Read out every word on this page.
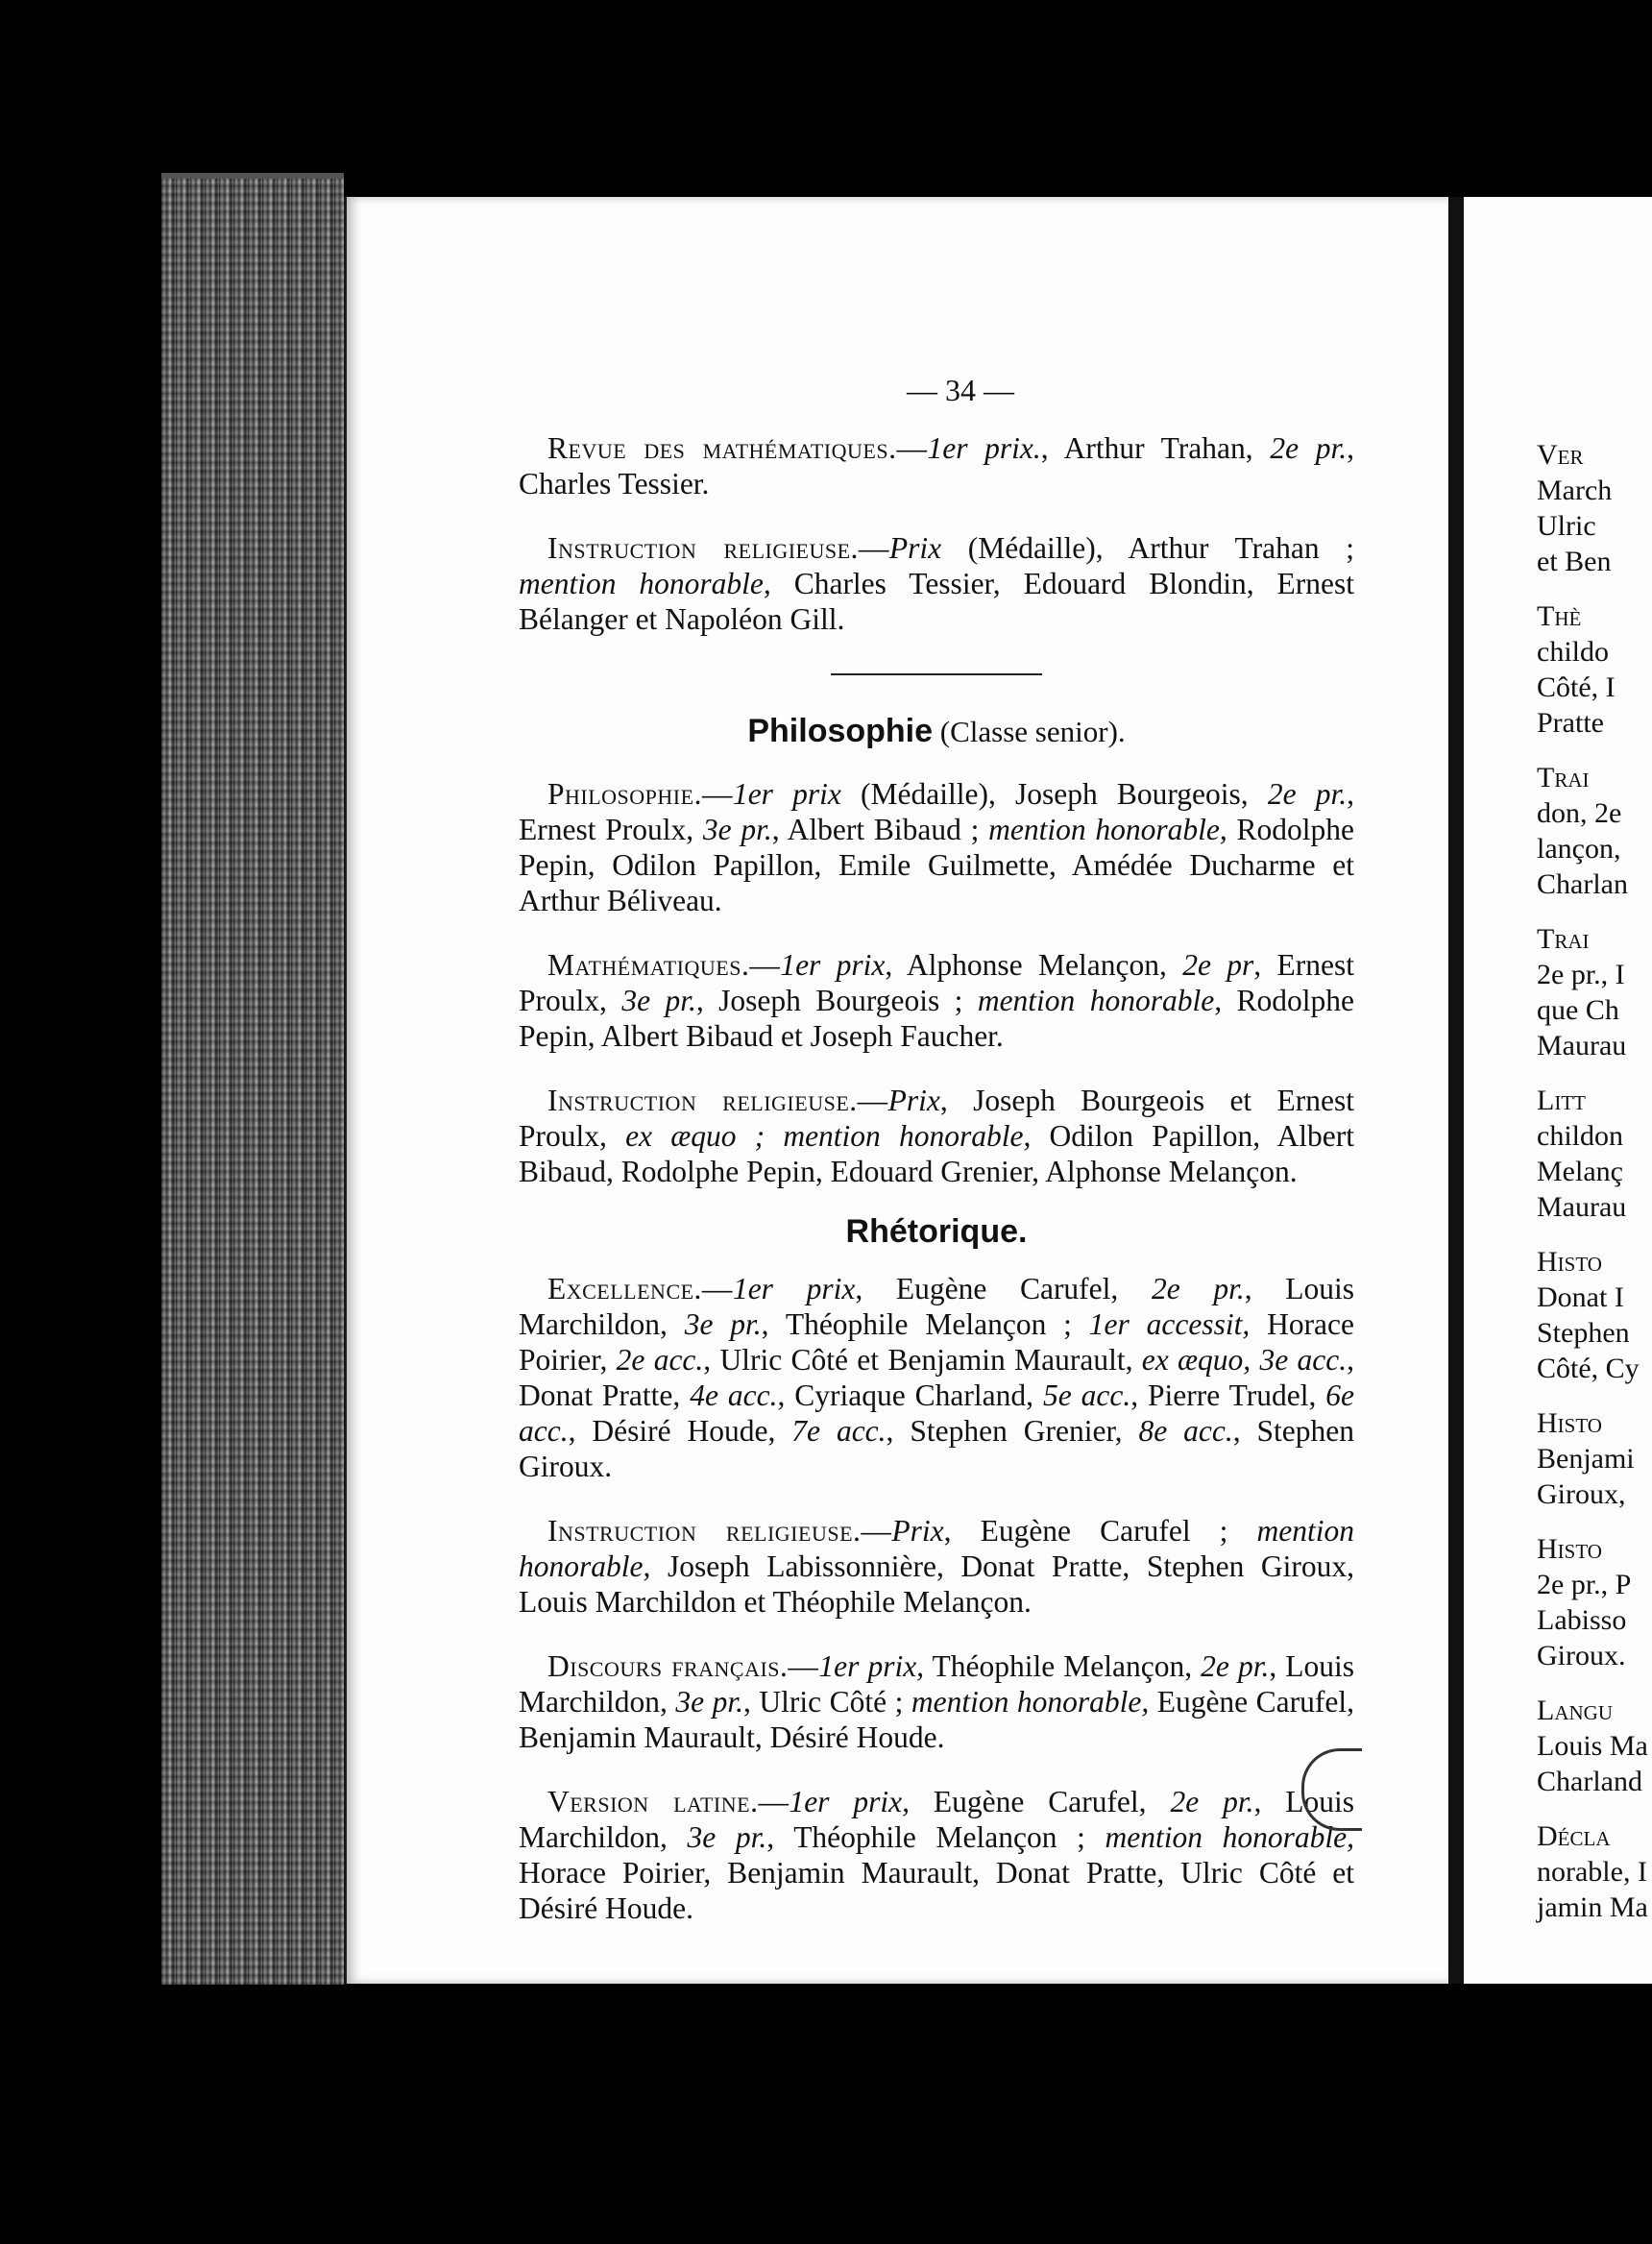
— 34 —

Revue des mathématiques.—1er prix., Arthur Trahan, 2e pr., Charles Tessier.

Instruction religieuse.—Prix (Médaille), Arthur Trahan ; mention honorable, Charles Tessier, Edouard Blondin, Ernest Bélanger et Napoléon Gill.

Philosophie (Classe senior).

Philosophie.—1er prix (Médaille), Joseph Bourgeois, 2e pr., Ernest Proulx, 3e pr., Albert Bibaud ; mention honorable, Rodolphe Pepin, Odilon Papillon, Emile Guilmette, Amédée Ducharme et Arthur Béliveau.

Mathématiques.—1er prix, Alphonse Melançon, 2e pr, Ernest Proulx, 3e pr., Joseph Bourgeois ; mention honorable, Rodolphe Pepin, Albert Bibaud et Joseph Faucher.

Instruction religieuse.—Prix, Joseph Bourgeois et Ernest Proulx, ex æquo ; mention honorable, Odilon Papillon, Albert Bibaud, Rodolphe Pepin, Edouard Grenier, Alphonse Melançon.

Rhétorique.

Excellence.—1er prix, Eugène Carufel, 2e pr., Louis Marchildon, 3e pr., Théophile Melançon ; 1er accessit, Horace Poirier, 2e acc., Ulric Côté et Benjamin Maurault, ex æquo, 3e acc., Donat Pratte, 4e acc., Cyriaque Charland, 5e acc., Pierre Trudel, 6e acc., Désiré Houde, 7e acc., Stephen Grenier, 8e acc., Stephen Giroux.

Instruction religieuse.—Prix, Eugène Carufel ; mention honorable, Joseph Labissonnière, Donat Pratte, Stephen Giroux, Louis Marchildon et Théophile Melançon.

Discours français.—1er prix, Théophile Melançon, 2e pr., Louis Marchildon, 3e pr., Ulric Côté ; mention honorable, Eugène Carufel, Benjamin Maurault, Désiré Houde.

Version latine.—1er prix, Eugène Carufel, 2e pr., Louis Marchildon, 3e pr., Théophile Melançon ; mention honorable, Horace Poirier, Benjamin Maurault, Donat Pratte, Ulric Côté et Désiré Houde.

Ver
March
Ulric
et Ben
Thè
childo
Côté, I
Pratte
Trai
don, 2e
lançon,
Charlan
Trai
2e pr., I
que Ch
Maurau
Litt
childon
Melanç
Maurau
Histo
Donat I
Stephen
Côté, Cy
Histo
Benjami
Giroux,
Histo
2e pr., P
Labisso
Giroux.
Langu
Louis Ma
Charland
Décla
norable, I
jamin Ma
